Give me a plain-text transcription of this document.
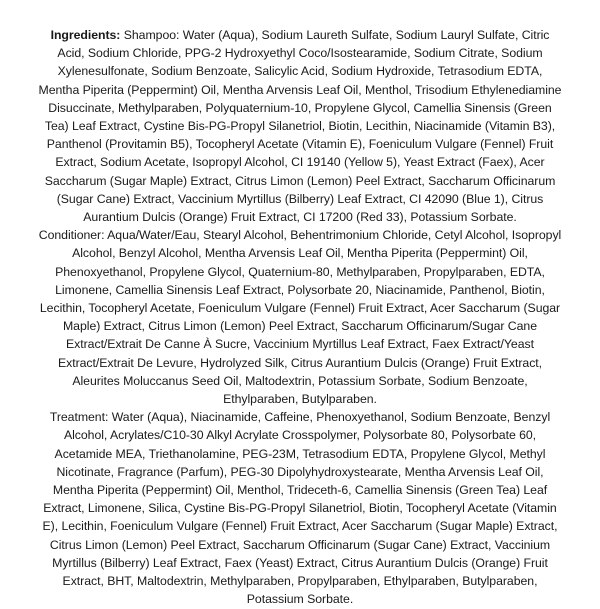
Ingredients: Shampoo: Water (Aqua), Sodium Laureth Sulfate, Sodium Lauryl Sulfate, Citric Acid, Sodium Chloride, PPG-2 Hydroxyethyl Coco/Isostearamide, Sodium Citrate, Sodium Xylenesulfonate, Sodium Benzoate, Salicylic Acid, Sodium Hydroxide, Tetrasodium EDTA, Mentha Piperita (Peppermint) Oil, Mentha Arvensis Leaf Oil, Menthol, Trisodium Ethylenediamine Disuccinate, Methylparaben, Polyquaternium-10, Propylene Glycol, Camellia Sinensis (Green Tea) Leaf Extract, Cystine Bis-PG-Propyl Silanetriol, Biotin, Lecithin, Niacinamide (Vitamin B3), Panthenol (Provitamin B5), Tocopheryl Acetate (Vitamin E), Foeniculum Vulgare (Fennel) Fruit Extract, Sodium Acetate, Isopropyl Alcohol, CI 19140 (Yellow 5), Yeast Extract (Faex), Acer Saccharum (Sugar Maple) Extract, Citrus Limon (Lemon) Peel Extract, Saccharum Officinarum (Sugar Cane) Extract, Vaccinium Myrtillus (Bilberry) Leaf Extract, CI 42090 (Blue 1), Citrus Aurantium Dulcis (Orange) Fruit Extract, CI 17200 (Red 33), Potassium Sorbate.

Conditioner: Aqua/Water/Eau, Stearyl Alcohol, Behentrimonium Chloride, Cetyl Alcohol, Isopropyl Alcohol, Benzyl Alcohol, Mentha Arvensis Leaf Oil, Mentha Piperita (Peppermint) Oil, Phenoxyethanol, Propylene Glycol, Quaternium-80, Methylparaben, Propylparaben, EDTA, Limonene, Camellia Sinensis Leaf Extract, Polysorbate 20, Niacinamide, Panthenol, Biotin, Lecithin, Tocopheryl Acetate, Foeniculum Vulgare (Fennel) Fruit Extract, Acer Saccharum (Sugar Maple) Extract, Citrus Limon (Lemon) Peel Extract, Saccharum Officinarum/Sugar Cane Extract/Extrait De Canne À Sucre, Vaccinium Myrtillus Leaf Extract, Faex Extract/Yeast Extract/Extrait De Levure, Hydrolyzed Silk, Citrus Aurantium Dulcis (Orange) Fruit Extract, Aleurites Moluccanus Seed Oil, Maltodextrin, Potassium Sorbate, Sodium Benzoate, Ethylparaben, Butylparaben.

Treatment: Water (Aqua), Niacinamide, Caffeine, Phenoxyethanol, Sodium Benzoate, Benzyl Alcohol, Acrylates/C10-30 Alkyl Acrylate Crosspolymer, Polysorbate 80, Polysorbate 60, Acetamide MEA, Triethanolamine, PEG-23M, Tetrasodium EDTA, Propylene Glycol, Methyl Nicotinate, Fragrance (Parfum), PEG-30 Dipolyhydroxystearate, Mentha Arvensis Leaf Oil, Mentha Piperita (Peppermint) Oil, Menthol, Trideceth-6, Camellia Sinensis (Green Tea) Leaf Extract, Limonene, Silica, Cystine Bis-PG-Propyl Silanetriol, Biotin, Tocopheryl Acetate (Vitamin E), Lecithin, Foeniculum Vulgare (Fennel) Fruit Extract, Acer Saccharum (Sugar Maple) Extract, Citrus Limon (Lemon) Peel Extract, Saccharum Officinarum (Sugar Cane) Extract, Vaccinium Myrtillus (Bilberry) Leaf Extract, Faex (Yeast) Extract, Citrus Aurantium Dulcis (Orange) Fruit Extract, BHT, Maltodextrin, Methylparaben, Propylparaben, Ethylparaben, Butylparaben, Potassium Sorbate.
